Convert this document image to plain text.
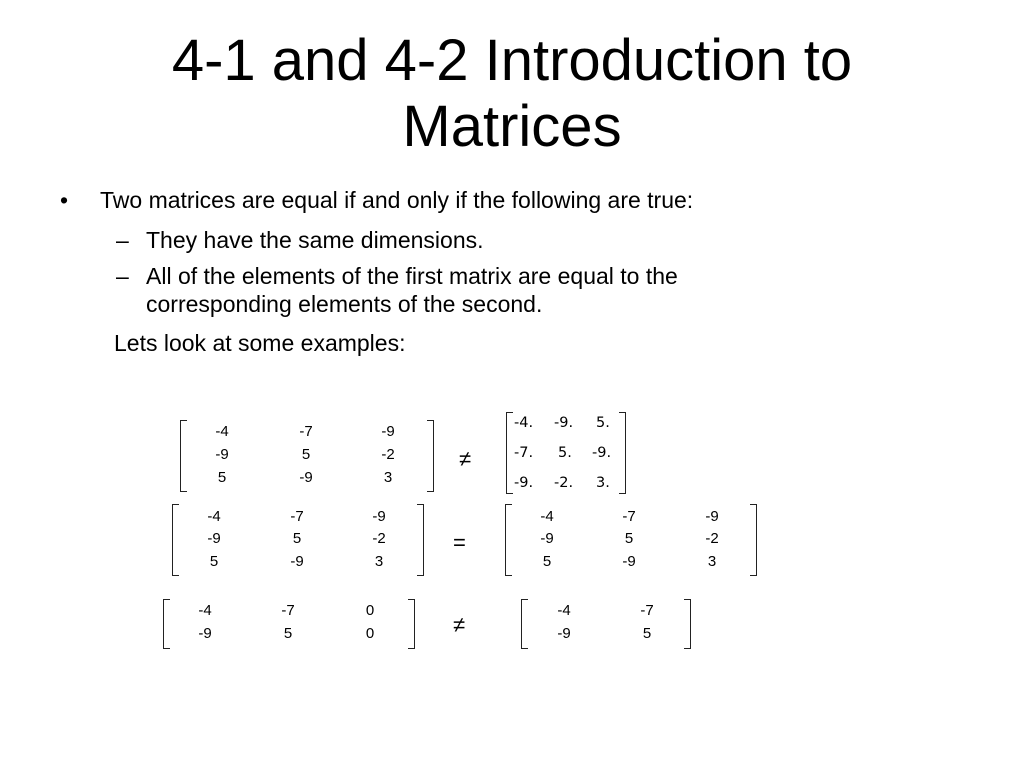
4-1 and 4-2 Introduction to Matrices
• Two matrices are equal if and only if the following are true:
– They have the same dimensions.
– All of the elements of the first matrix are equal to the corresponding elements of the second.
Lets look at some examples:
-4	-7	-9
-9	5	-2
5	-9	3
≠
-4. -9. 5.
-7. 5. -9.
-9. -2. 3.
-4	-7	-9
-9	5	-2
5	-9	3
=
-4	-7	-9
-9	5	-2
5	-9	3
-4	-7	0
-9	5	0	≠
-4	-7
-9	5
